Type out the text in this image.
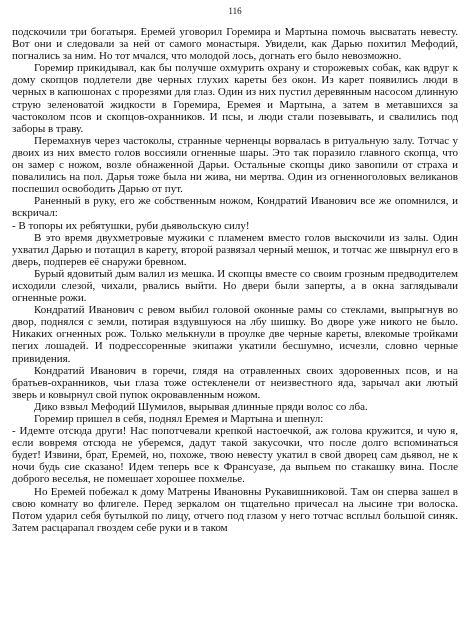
116

подскочили три богатыря. Еремей уговорил Горемира и Мартына помочь высватать невесту. Вот они и следовали за ней от самого монастыря. Увидели, как Дарью похитил Мефодий, погнались за ним. Но тот мчался, что молодой лось, догнать его было невозможно.

Горемир прикидывал, как бы получше охмурить охрану и сторожевых собак, как вдруг к дому скопцов подлетели две черных глухих кареты без окон. Из карет появились люди в черных в капюшонах с прорезями для глаз. Один из них пустил деревянным насосом длинную струю зеленоватой жидкости в Горемира, Еремея и Мартына, а затем в метавшихся за частоколом псов и скопцов-охранников. И псы, и люди стали позевывать, и свалились под заборы в траву.

Перемахнув через частоколы, странные черненцы ворвалась в ритуальную залу. Тотчас у двоих из них вместо голов воссияли огненные шары. Это так поразило главного скопца, что он замер с ножом, возле обнаженной Дарьи. Остальные скопцы дико завопили от страха и повалились на пол. Дарья тоже была ни жива, ни мертва. Один из огненноголовых великанов поспешил освободить Дарью от пут.

Раненный в руку, его же собственным ножом, Кондратий Иванович все же опомнился, и вскричал:

- В топоры их ребятушки, руби дьявольскую силу!

В это время двухметровые мужики с пламенем вместо голов выскочили из залы. Один ухватил Дарью и потащил в карету, второй развязал черный мешок, и тотчас же швырнул его в дверь, подперев её снаружи бревном.

Бурый ядовитый дым валил из мешка. И скопцы вместе со своим грозным предводителем исходили слезой, чихали, рвались выйти. Но двери были заперты, а в окна заглядывали огненные рожи.

Кондратий Иванович с ревом выбил головой оконные рамы со стеклами, выпрыгнув во двор, поднялся с земли, потирая вздувшуюся на лбу шишку. Во дворе уже никого не было. Никаких огненных рож. Только мелькнули в проулке две черные кареты, влекомые тройками пегих лошадей. И подрессоренные экипажи укатили бесшумно, исчезли, словно черные привидения.

Кондратий Иванович в горечи, глядя на отравленных своих здоровенных псов, и на братьев-охранников, чьи глаза тоже остекленели от неизвестного яда, зарычал аки лютый зверь и ковырнул свой пупок окровавленным ножом.

Дико взвыл Мефодий Шумилов, вырывая длинные пряди волос со лба.

Горемир пришел в себя, поднял Еремея и Мартына и шепнул:

- Идемте отсюда други! Нас попотчевали крепкой настоечкой, аж голова кружится, и чую я, если вовремя отсюда не уберемся, дадут такой закусочки, что после долго вспоминаться будет! Извини, брат, Еремей, но, похоже, твою невесту укатил в свой дворец сам дьявол, не к ночи будь сие сказано! Идем теперь все к Франсуазе, да выпьем по стакашку вина. После доброго веселья, не помешает хорошее похмелье.

Но Еремей побежал к дому Матрены Ивановны Рукавишниковой. Там он сперва зашел в свою комнату во флигеле. Перед зеркалом он тщательно причесал на лысине три волоска. Потом ударил себя бутылкой по лицу, отчего под глазом у него тотчас всплыл большой синяк. Затем расцарапал гвоздем себе руки и в таком
